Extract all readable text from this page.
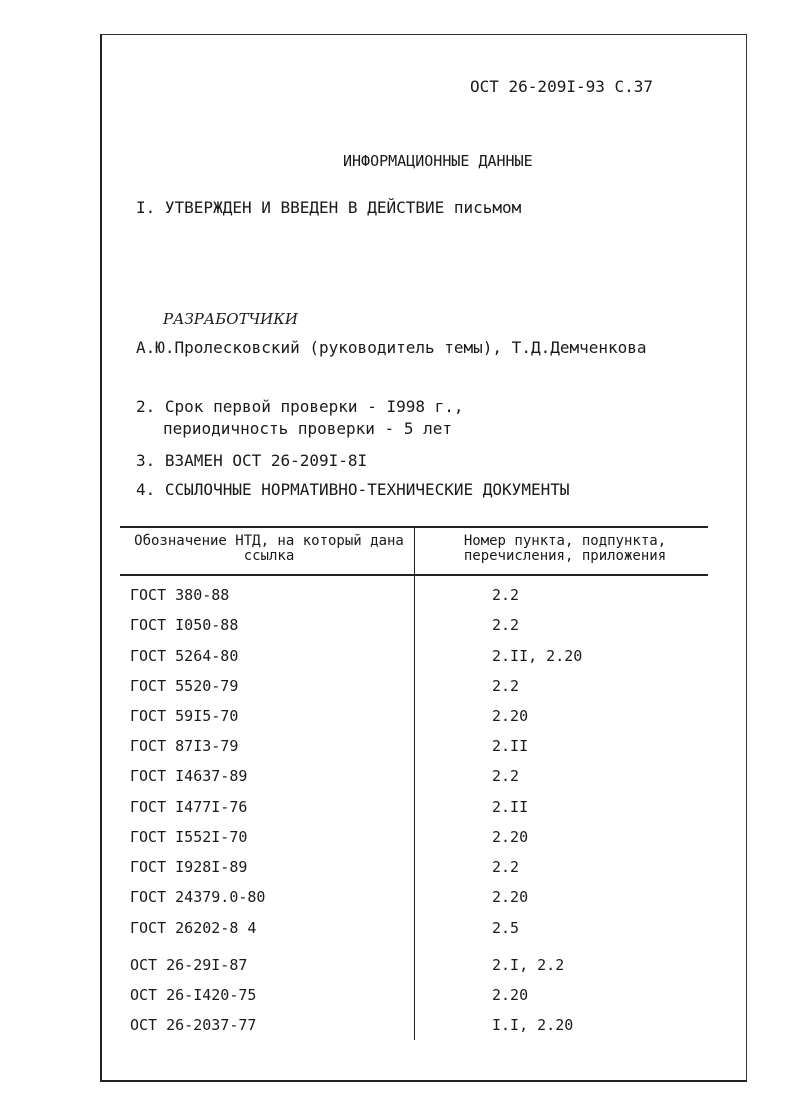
ОСТ 26-209I-93 С.37
ИНФОРМАЦИОННЫЕ ДАННЫЕ
I. УТВЕРЖДЕН И ВВЕДЕН В ДЕЙСТВИЕ письмом
РАЗРАБОТЧИКИ
А.Ю.Пролесковский (руководитель темы), Т.Д.Демченкова
2. Срок первой проверки - I998 г.,
периодичность проверки - 5 лет
3. ВЗАМЕН ОСТ 26-209I-8I
4. ССЫЛОЧНЫЕ НОРМАТИВНО-ТЕХНИЧЕСКИЕ ДОКУМЕНТЫ
Обозначение НТД, на который дана ссылка
Номер пункта, подпункта, перечисления, приложения
ГОСТ 380-88	2.2
ГОСТ I050-88	2.2
ГОСТ 5264-80	2.II, 2.20
ГОСТ 5520-79	2.2
ГОСТ 59I5-70	2.20
ГОСТ 87I3-79	2.II
ГОСТ I4637-89	2.2
ГОСТ I477I-76	2.II
ГОСТ I552I-70	2.20
ГОСТ I928I-89	2.2
ГОСТ 24379.0-80	2.20
ГОСТ 26202-8 4	2.5
ОСТ 26-29I-87	2.I, 2.2
ОСТ 26-I420-75	2.20
ОСТ 26-2037-77	I.I, 2.20
